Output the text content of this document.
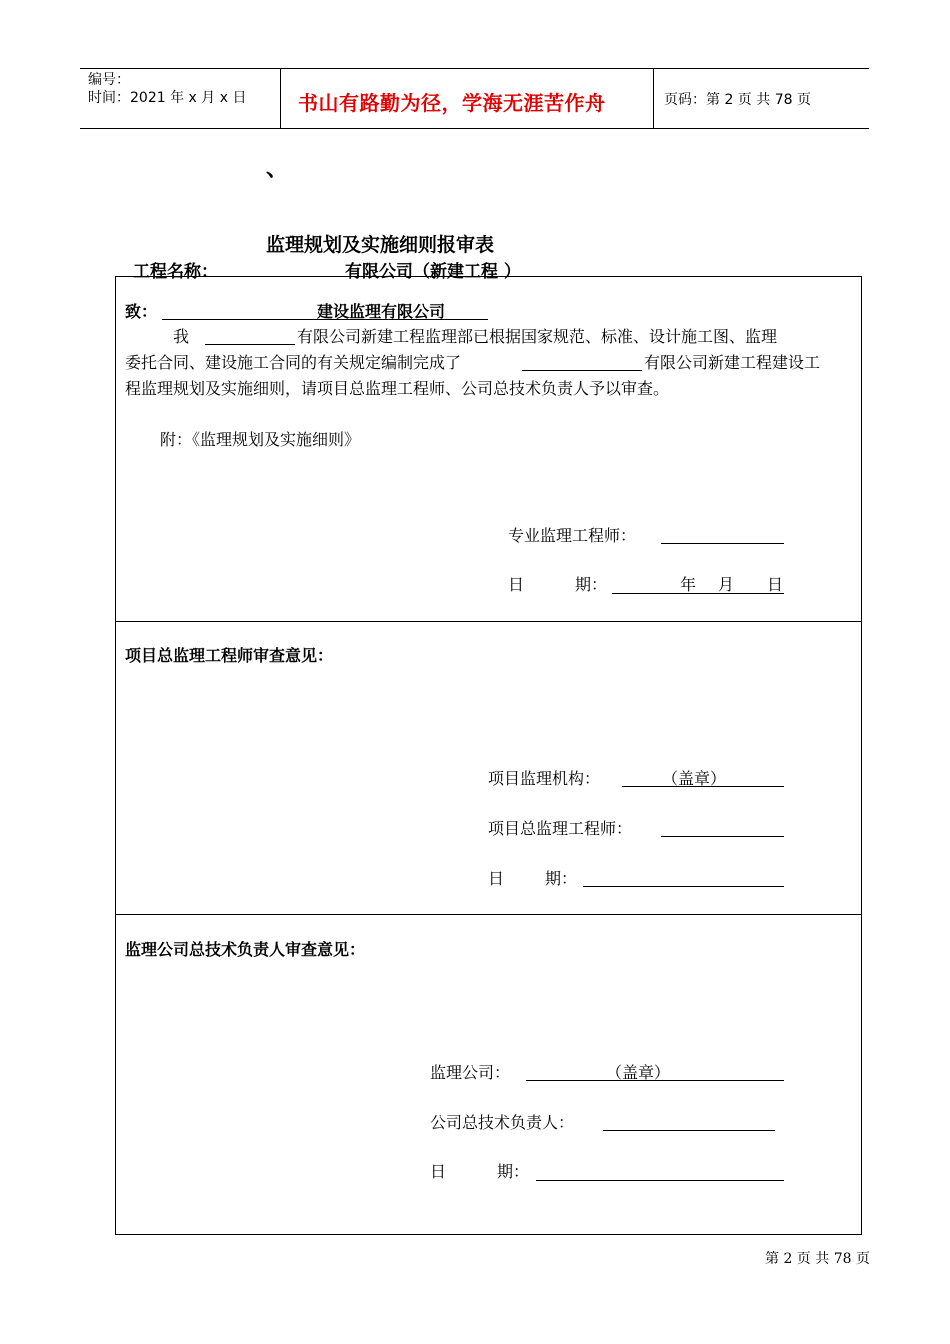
编号：
时间：2021 年 x 月 x 日	书山有路勤为径，学海无涯苦作舟	页码：第 2 页 共 78 页
、
监理规划及实施细则报审表
工程名称：	有限公司（新建工程 ）
致：	建设监理有限公司
我	有限公司新建工程监理部已根据国家规范、标准、设计施工图、监理
委托合同、建设施工合同的有关规定编制完成了	有限公司新建工程建设工
程监理规划及实施细则，请项目总监理工程师、公司总技术负责人予以审查。
附：《监理规划及实施细则》
专业监理工程师：
日	期：	年 月 日
项目总监理工程师审查意见：
项目监理机构：	（盖章）
项目总监理工程师：
日	期：
监理公司总技术负责人审查意见：
监理公司：	（盖章）
公司总技术负责人：
日	期：
第 2 页 共 78 页
